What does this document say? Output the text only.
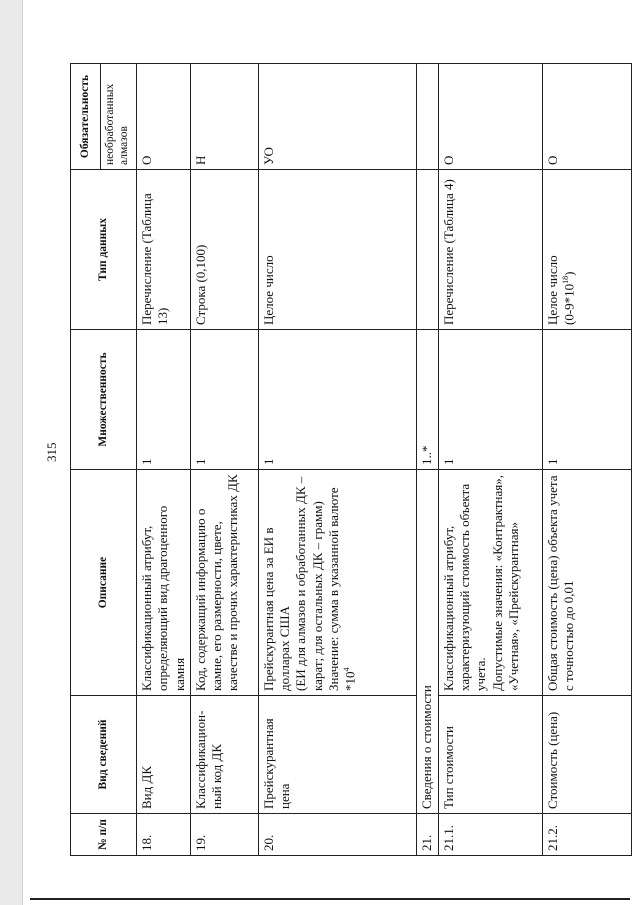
315
№ п/п	Вид сведений	Описание	Множественность	Тип данных	Обязательность
					необработанных алмазов
18.	Вид ДК	Классификационный атрибут, определяющий вид драгоценного камня	1	Перечисление (Таблица 13)	О
19.	Классификацион-ный код ДК	Код, содержащий информацию о камне, его размерности, цвете, качестве и прочих характеристиках ДК	1	Строка (0,100)	Н
20.	Прейскурантная цена	Прейскурантная цена за ЕИ в долларах США (ЕИ для алмазов и обработанных ДК – карат; для остальных ДК – грамм) Значение: сумма в указанной валюте $*10^4$	1	Целое число	УО
21.	Сведения о стоимости		1..*		
21.1.	Тип стоимости	Классификационный атрибут, характеризующий стоимость объекта учета. Допустимые значения: «Контрактная», «Учетная», «Прейскурантная»	1	Перечисление (Таблица 4)	О
21.2.	Стоимость (цена)	Общая стоимость (цена) объекта учета с точностью до 0,01	1	Целое число $(0-9*10^{18})$	О
